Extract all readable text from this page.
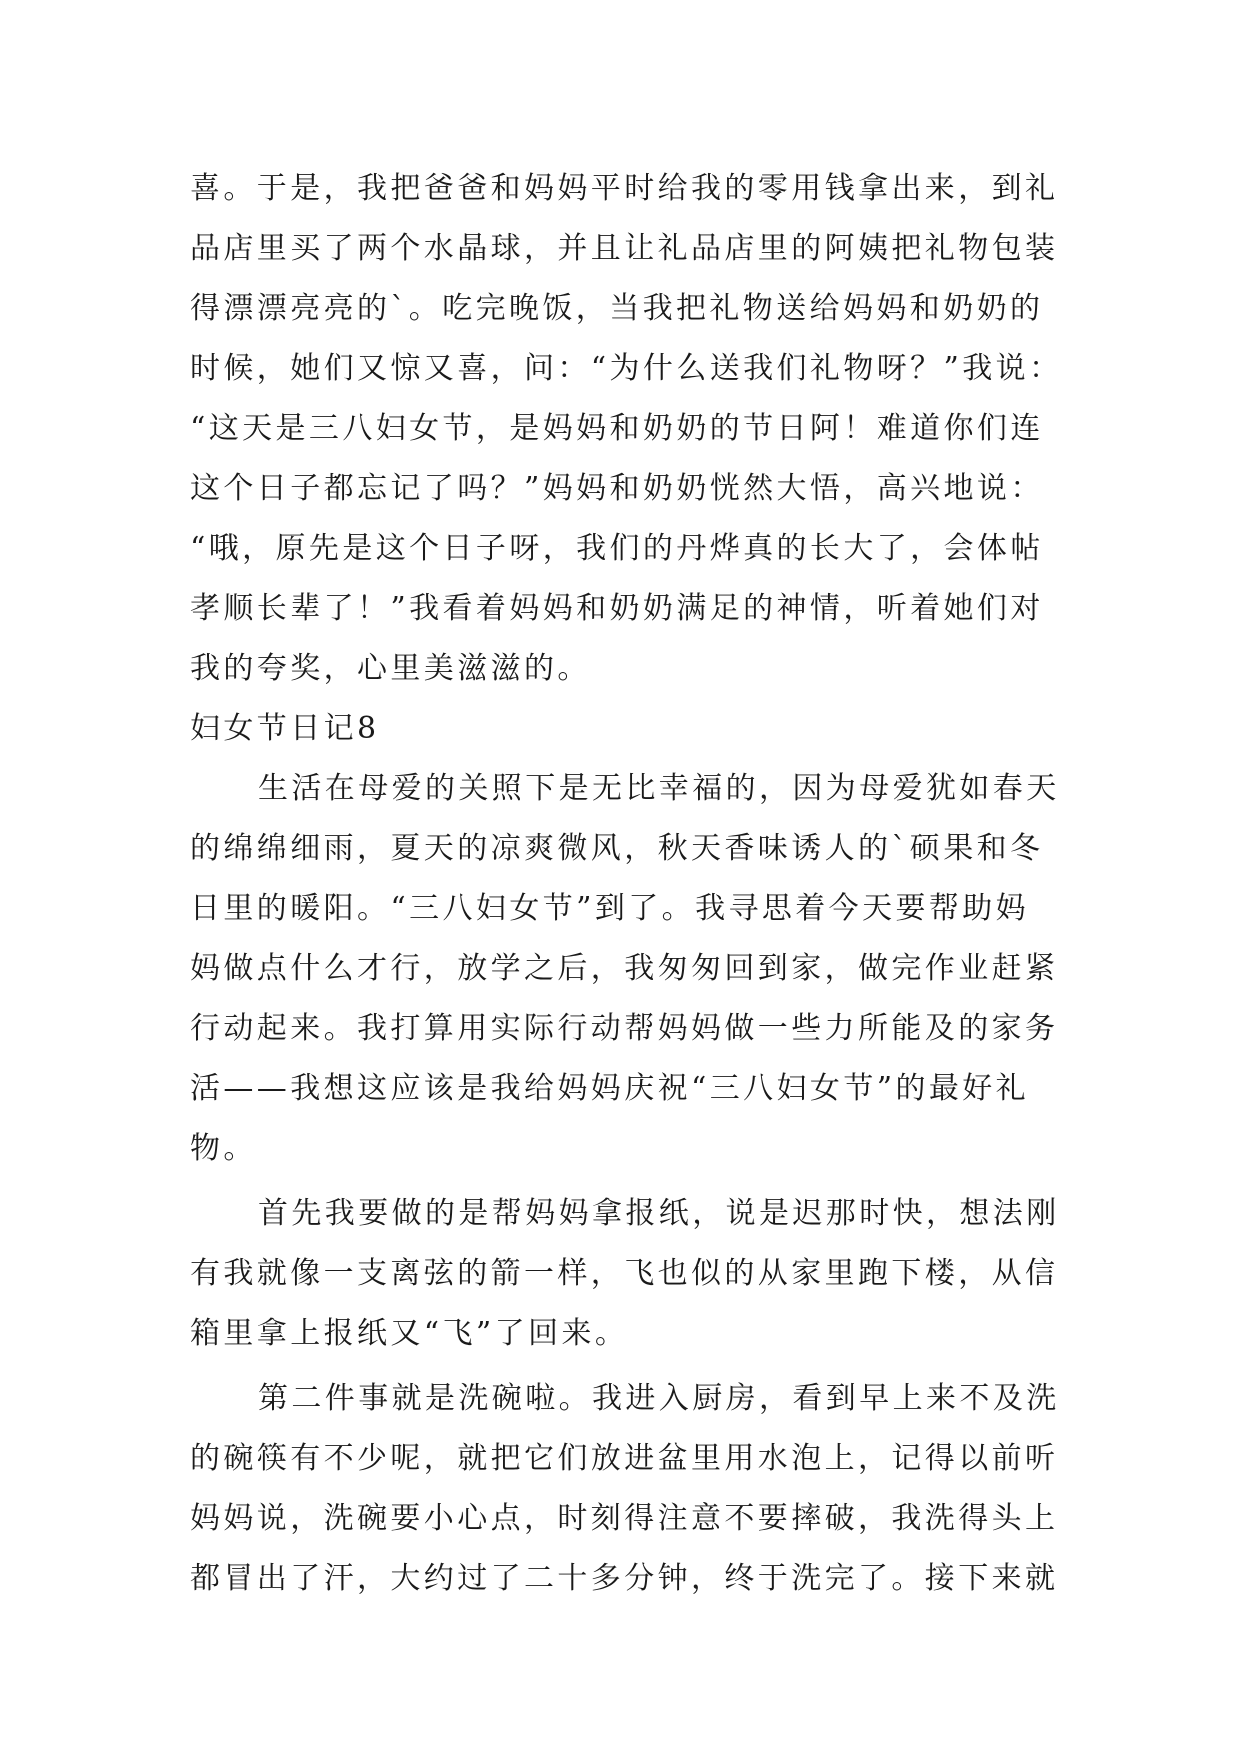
喜。于是，我把爸爸和妈妈平时给我的零用钱拿出来，到礼

品店里买了两个水晶球，并且让礼品店里的阿姨把礼物包装

得漂漂亮亮的`。吃完晚饭，当我把礼物送给妈妈和奶奶的

时候，她们又惊又喜，问：“为什么送我们礼物呀？”我说：

“这天是三八妇女节，是妈妈和奶奶的节日阿！难道你们连

这个日子都忘记了吗？”妈妈和奶奶恍然大悟，高兴地说：

“哦，原先是这个日子呀，我们的丹烨真的长大了，会体帖

孝顺长辈了！”我看着妈妈和奶奶满足的神情，听着她们对

我的夸奖，心里美滋滋的。

妇女节日记8

生活在母爱的关照下是无比幸福的，因为母爱犹如春天

的绵绵细雨，夏天的凉爽微风，秋天香味诱人的`硕果和冬

日里的暖阳。“三八妇女节”到了。我寻思着今天要帮助妈

妈做点什么才行，放学之后，我匆匆回到家，做完作业赶紧

行动起来。我打算用实际行动帮妈妈做一些力所能及的家务

活——我想这应该是我给妈妈庆祝“三八妇女节”的最好礼

物。

首先我要做的是帮妈妈拿报纸，说是迟那时快，想法刚

有我就像一支离弦的箭一样，飞也似的从家里跑下楼，从信

箱里拿上报纸又“飞”了回来。

第二件事就是洗碗啦。我进入厨房，看到早上来不及洗

的碗筷有不少呢，就把它们放进盆里用水泡上，记得以前听

妈妈说，洗碗要小心点，时刻得注意不要摔破，我洗得头上

都冒出了汗，大约过了二十多分钟，终于洗完了。接下来就
